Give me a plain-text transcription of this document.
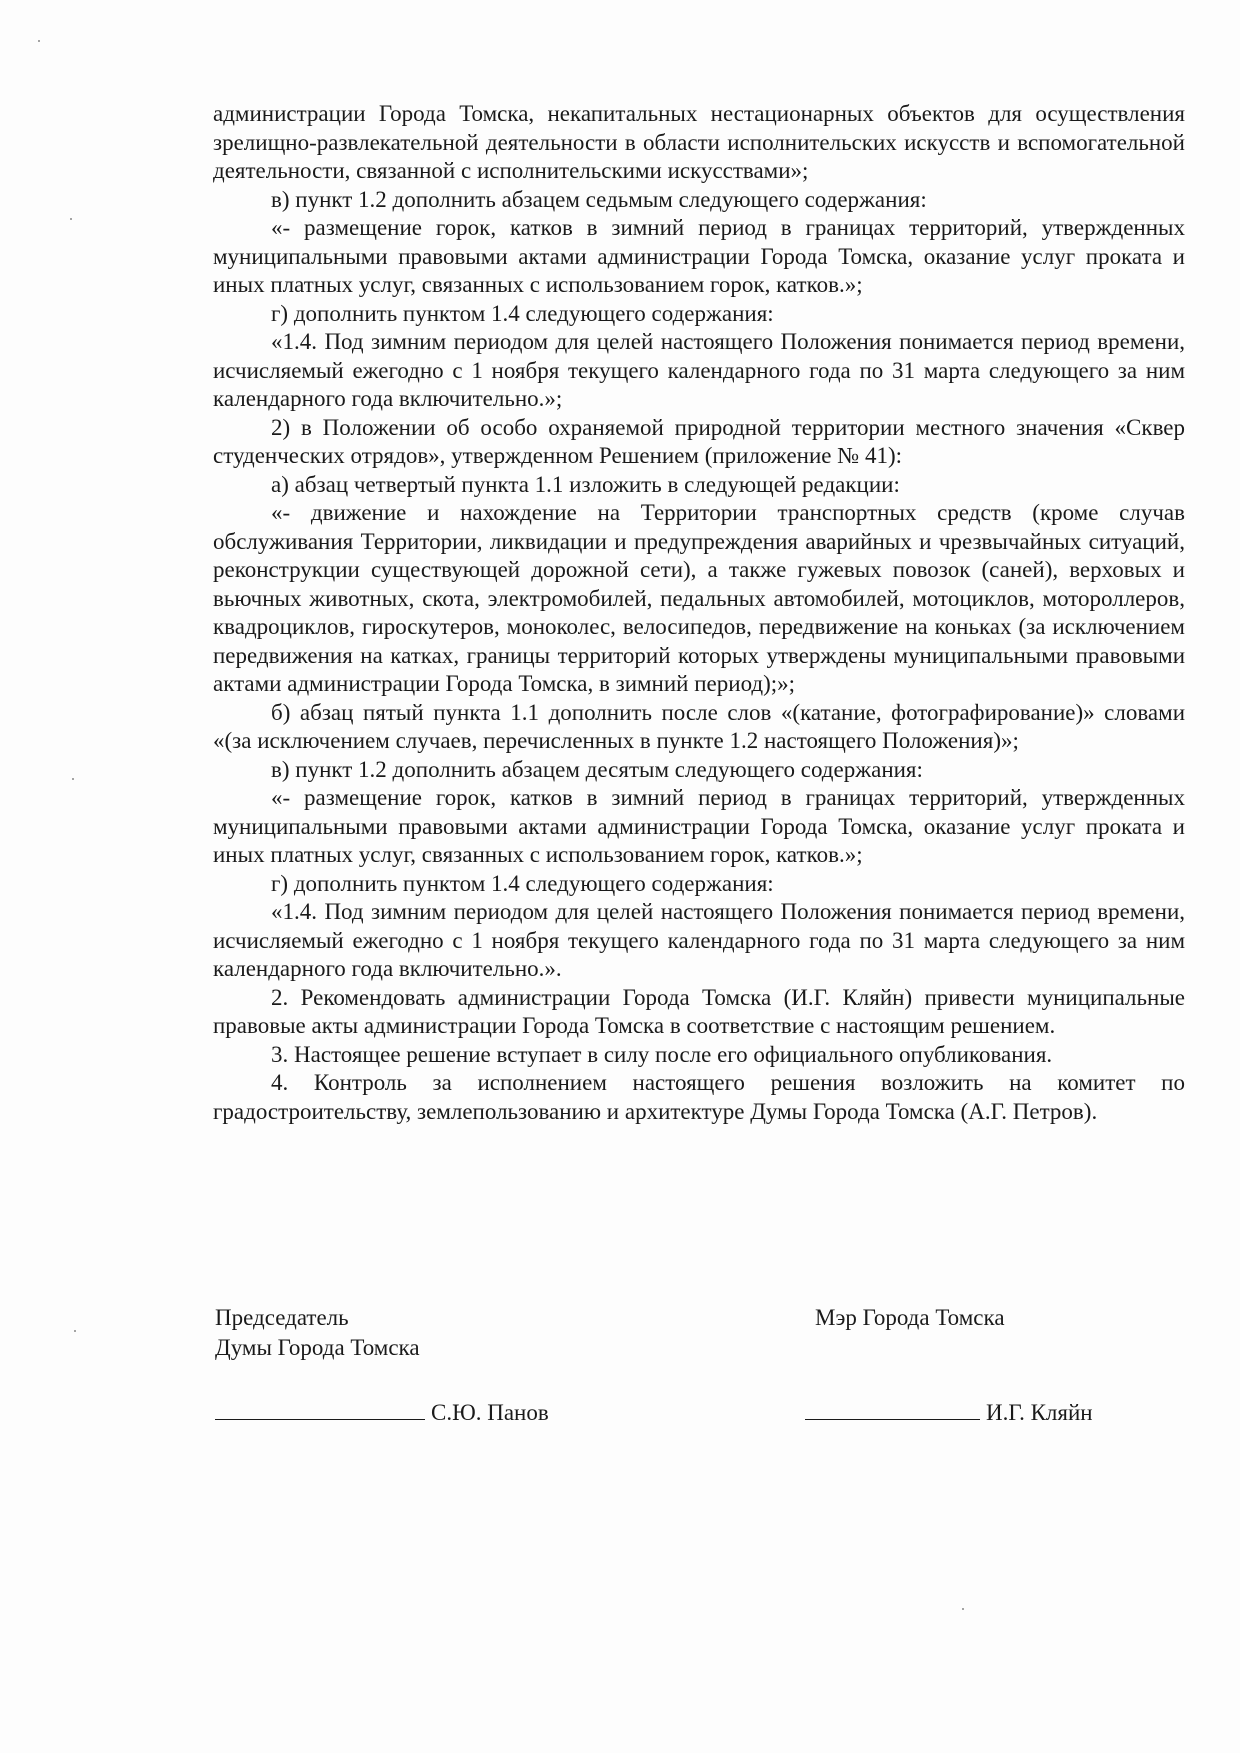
администрации Города Томска, некапитальных нестационарных объектов для осуществления зрелищно-развлекательной деятельности в области исполнительских искусств и вспомогательной деятельности, связанной с исполнительскими искусствами»;

в) пункт 1.2 дополнить абзацем седьмым следующего содержания:

«- размещение горок, катков в зимний период в границах территорий, утвержденных муниципальными правовыми актами администрации Города Томска, оказание услуг проката и иных платных услуг, связанных с использованием горок, катков.»;

г) дополнить пунктом 1.4 следующего содержания:

«1.4. Под зимним периодом для целей настоящего Положения понимается период времени, исчисляемый ежегодно с 1 ноября текущего календарного года по 31 марта следующего за ним календарного года включительно.»;

2) в Положении об особо охраняемой природной территории местного значения «Сквер студенческих отрядов», утвержденном Решением (приложение № 41):

а) абзац четвертый пункта 1.1 изложить в следующей редакции:

«- движение и нахождение на Территории транспортных средств (кроме случав обслуживания Территории, ликвидации и предупреждения аварийных и чрезвычайных ситуаций, реконструкции существующей дорожной сети), а также гужевых повозок (саней), верховых и вьючных животных, скота, электромобилей, педальных автомобилей, мотоциклов, мотороллеров, квадроциклов, гироскутеров, моноколес, велосипедов, передвижение на коньках (за исключением передвижения на катках, границы территорий которых утверждены муниципальными правовыми актами администрации Города Томска, в зимний период);»;

б) абзац пятый пункта 1.1 дополнить после слов «(катание, фотографирование)» словами «(за исключением случаев, перечисленных в пункте 1.2 настоящего Положения)»;

в) пункт 1.2 дополнить абзацем десятым следующего содержания:

«- размещение горок, катков в зимний период в границах территорий, утвержденных муниципальными правовыми актами администрации Города Томска, оказание услуг проката и иных платных услуг, связанных с использованием горок, катков.»;

г) дополнить пунктом 1.4 следующего содержания:

«1.4. Под зимним периодом для целей настоящего Положения понимается период времени, исчисляемый ежегодно с 1 ноября текущего календарного года по 31 марта следующего за ним календарного года включительно.».

2. Рекомендовать администрации Города Томска (И.Г. Кляйн) привести муниципальные правовые акты администрации Города Томска в соответствие с настоящим решением.

3. Настоящее решение вступает в силу после его официального опубликования.

4. Контроль за исполнением настоящего решения возложить на комитет по градостроительству, землепользованию и архитектуре Думы Города Томска (А.Г. Петров).

Председатель
Думы Города Томска
Мэр Города Томска
С.Ю. Панов	И.Г. Кляйн
